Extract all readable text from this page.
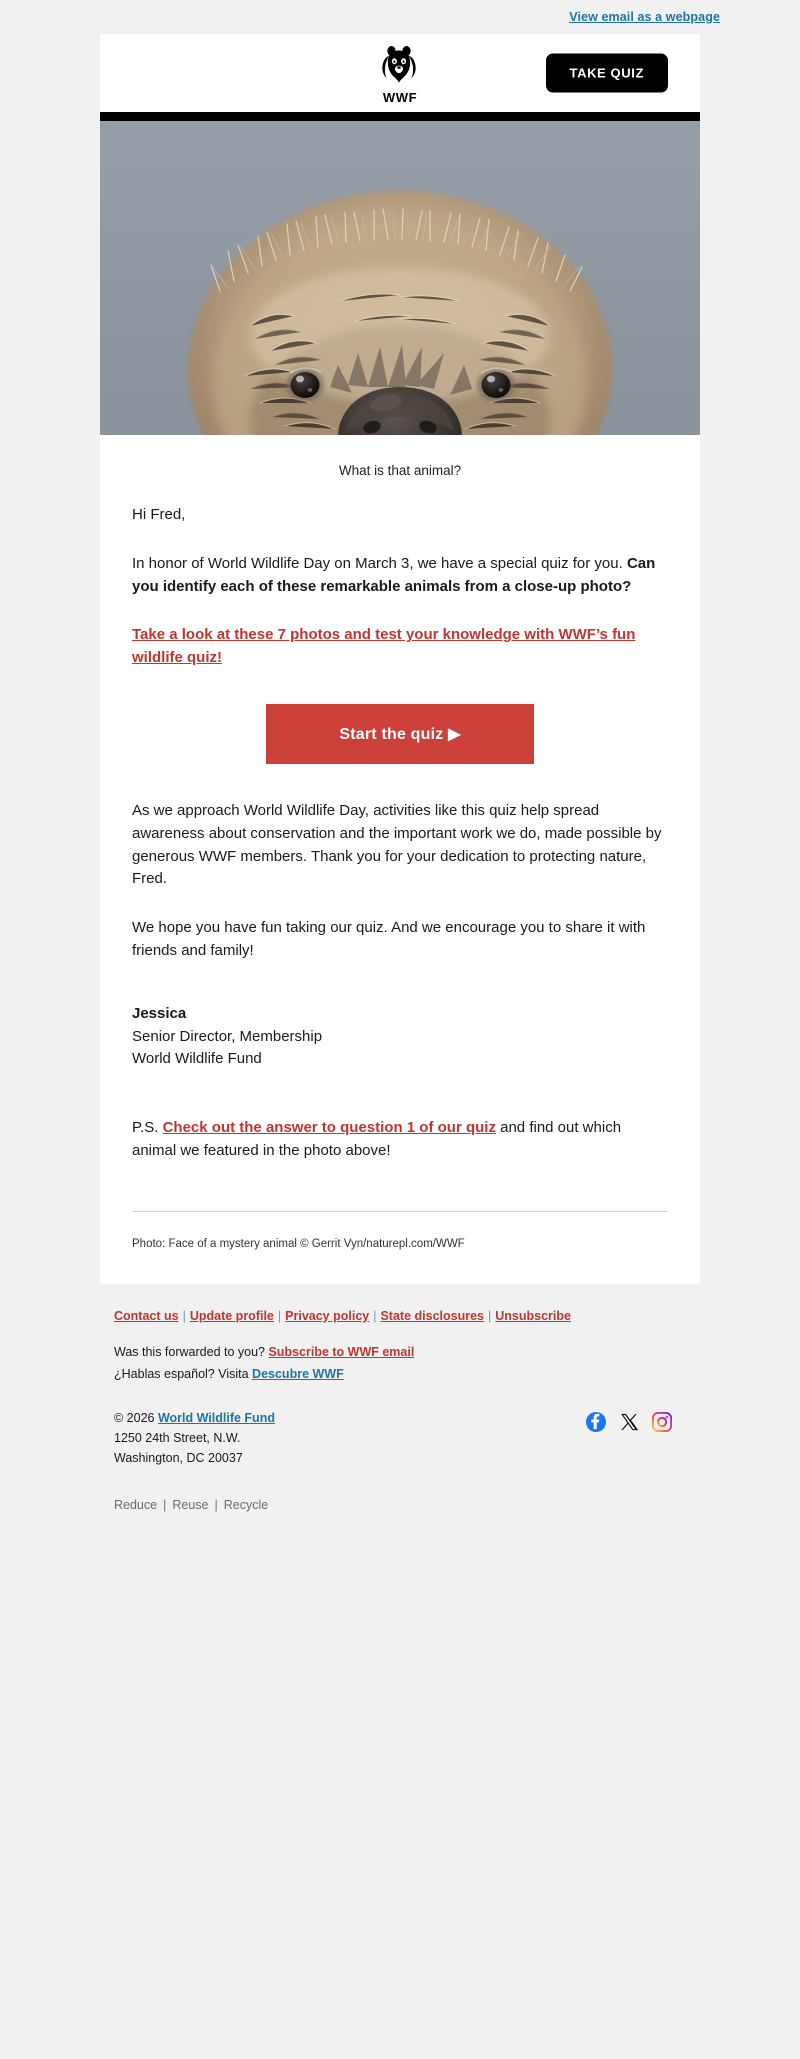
View email as a webpage
WWF
TAKE QUIZ
What is that animal?

Hi Fred,

In honor of World Wildlife Day on March 3, we have a special quiz for you. Can you identify each of these remarkable animals from a close-up photo?

Take a look at these 7 photos and test your knowledge with WWF’s fun wildlife quiz!

Start the quiz ▶

As we approach World Wildlife Day, activities like this quiz help spread awareness about conservation and the important work we do, made possible by generous WWF members. Thank you for your dedication to protecting nature, Fred.

We hope you have fun taking our quiz. And we encourage you to share it with friends and family!

Jessica
Senior Director, Membership
World Wildlife Fund

P.S. Check out the answer to question 1 of our quiz and find out which animal we featured in the photo above!

Photo: Face of a mystery animal © Gerrit Vyn/naturepl.com/WWF
Contact us | Update profile | Privacy policy | State disclosures | Unsubscribe
Was this forwarded to you? Subscribe to WWF email
¿Hablas español? Visita Descubre WWF
© 2026 World Wildlife Fund
1250 24th Street, N.W.
Washington, DC 20037
Reduce | Reuse | Recycle
